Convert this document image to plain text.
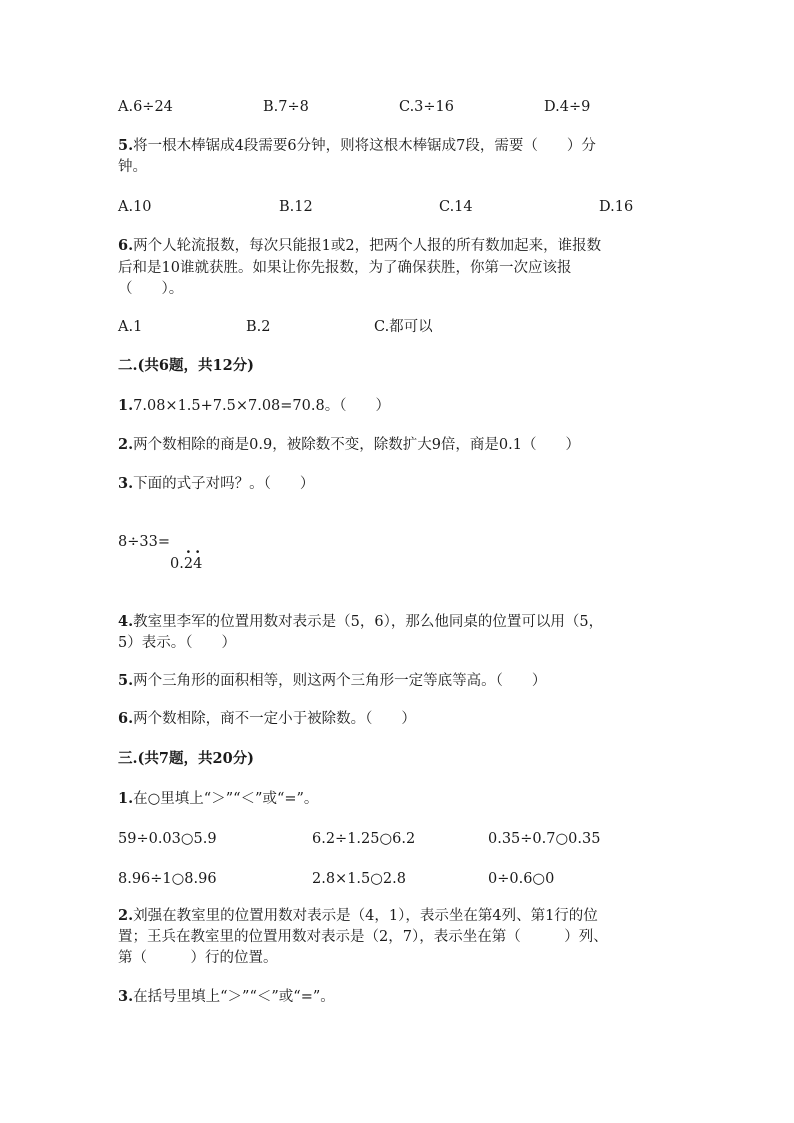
A.6÷24	B.7÷8	C.3÷16	D.4÷9
5.将一根木棒锯成4段需要6分钟，则将这根木棒锯成7段，需要（　　）分
钟。
A.10	B.12	C.14	D.16
6.两个人轮流报数，每次只能报1或2，把两个人报的所有数加起来，谁报数
后和是10谁就获胜。如果让你先报数，为了确保获胜，你第一次应该报
（　　）。
A.1	B.2	C.都可以
二.(共6题，共12分)
1.7.08×1.5+7.5×7.08=70.8。（　　）
2.两个数相除的商是0.9，被除数不变，除数扩大9倍，商是0.1（　　）
3.下面的式子对吗？。（　　）
8÷33=
0.· 2· 4
4.教室里李军的位置用数对表示是（5，6），那么他同桌的位置可以用（5，
5）表示。（　　）
5.两个三角形的面积相等，则这两个三角形一定等底等高。（　　）
6.两个数相除，商不一定小于被除数。（　　）
三.(共7题，共20分)
1.在○里填上“＞”“＜”或“=”。
59÷0.03○5.9	6.2÷1.25○6.2	0.35÷0.7○0.35
8.96÷1○8.96	2.8×1.5○2.8	0÷0.6○0
2.刘强在教室里的位置用数对表示是（4，1），表示坐在第4列、第1行的位
置；王兵在教室里的位置用数对表示是（2，7），表示坐在第（　　　）列、
第（　　　）行的位置。
3.在括号里填上“＞”“＜”或“=”。
